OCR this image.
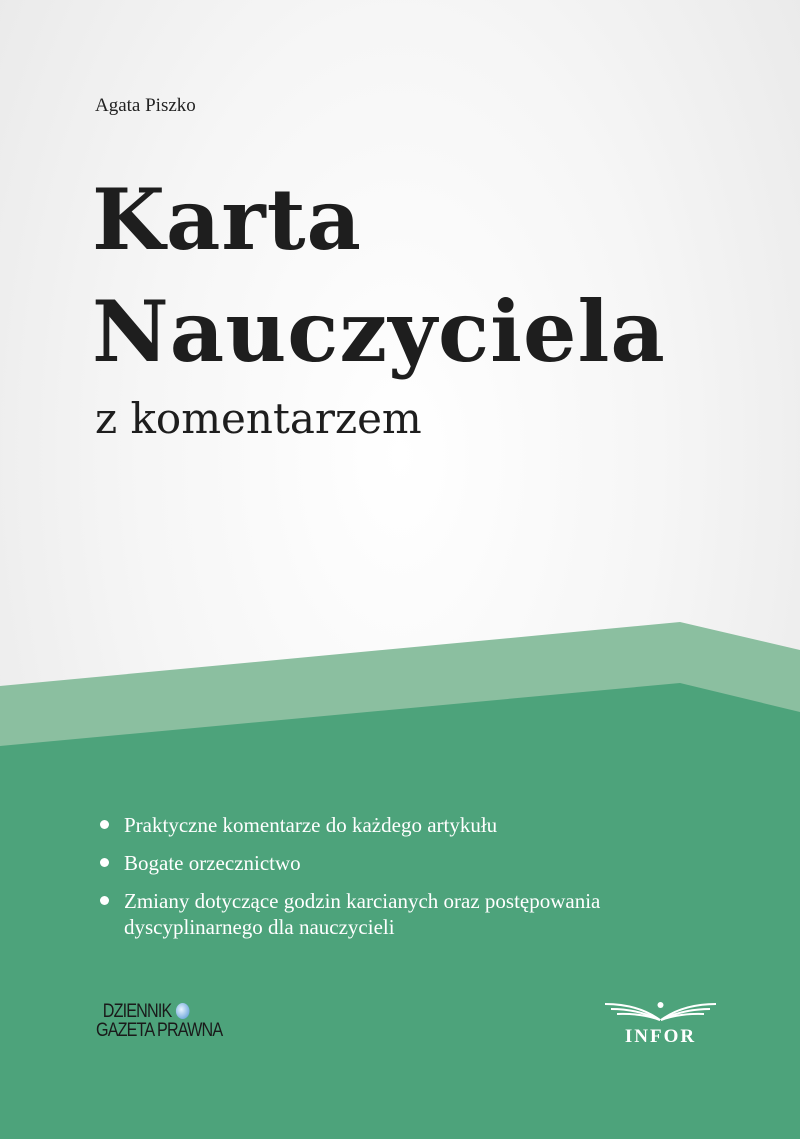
Agata Piszko
Karta
Nauczyciela
z komentarzem
Praktyczne komentarze do każdego artykułu
Bogate orzecznictwo
Zmiany dotyczące godzin karcianych oraz postępowania dyscyplinarnego dla nauczycieli
DZIENNIK
GAZETA PRAWNA	INFOR
